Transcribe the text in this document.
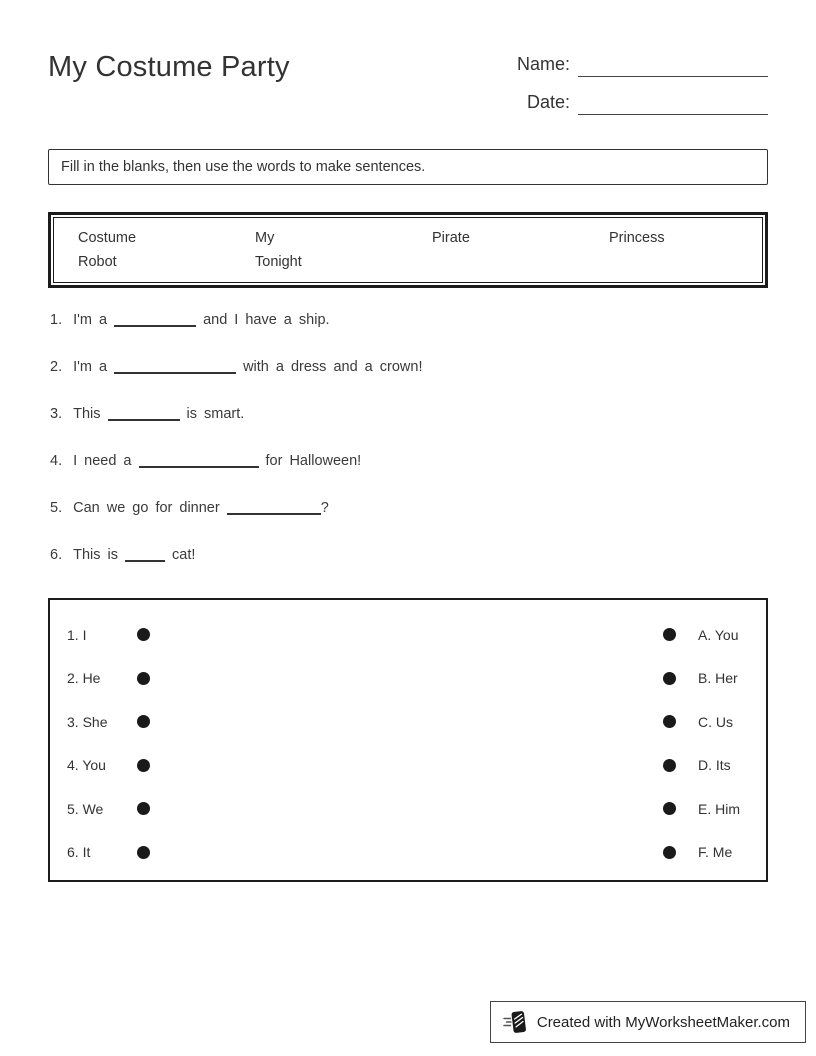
My Costume Party	Name:
Date:
Fill in the blanks, then use the words to make sentences.
Costume	My	Pirate	Princess
Robot	Tonight
1. I'm a	and I have a ship.
2. I'm a	with a dress and a crown!
3. This	is smart.
4. I need a	for Halloween!
5. Can we go for dinner	?
6. This is	cat!
1. I	A. You
2. He	B. Her
3. She	C. Us
4. You	D. Its
5. We	E. Him
6. It	F. Me
Created with MyWorksheetMaker.com
